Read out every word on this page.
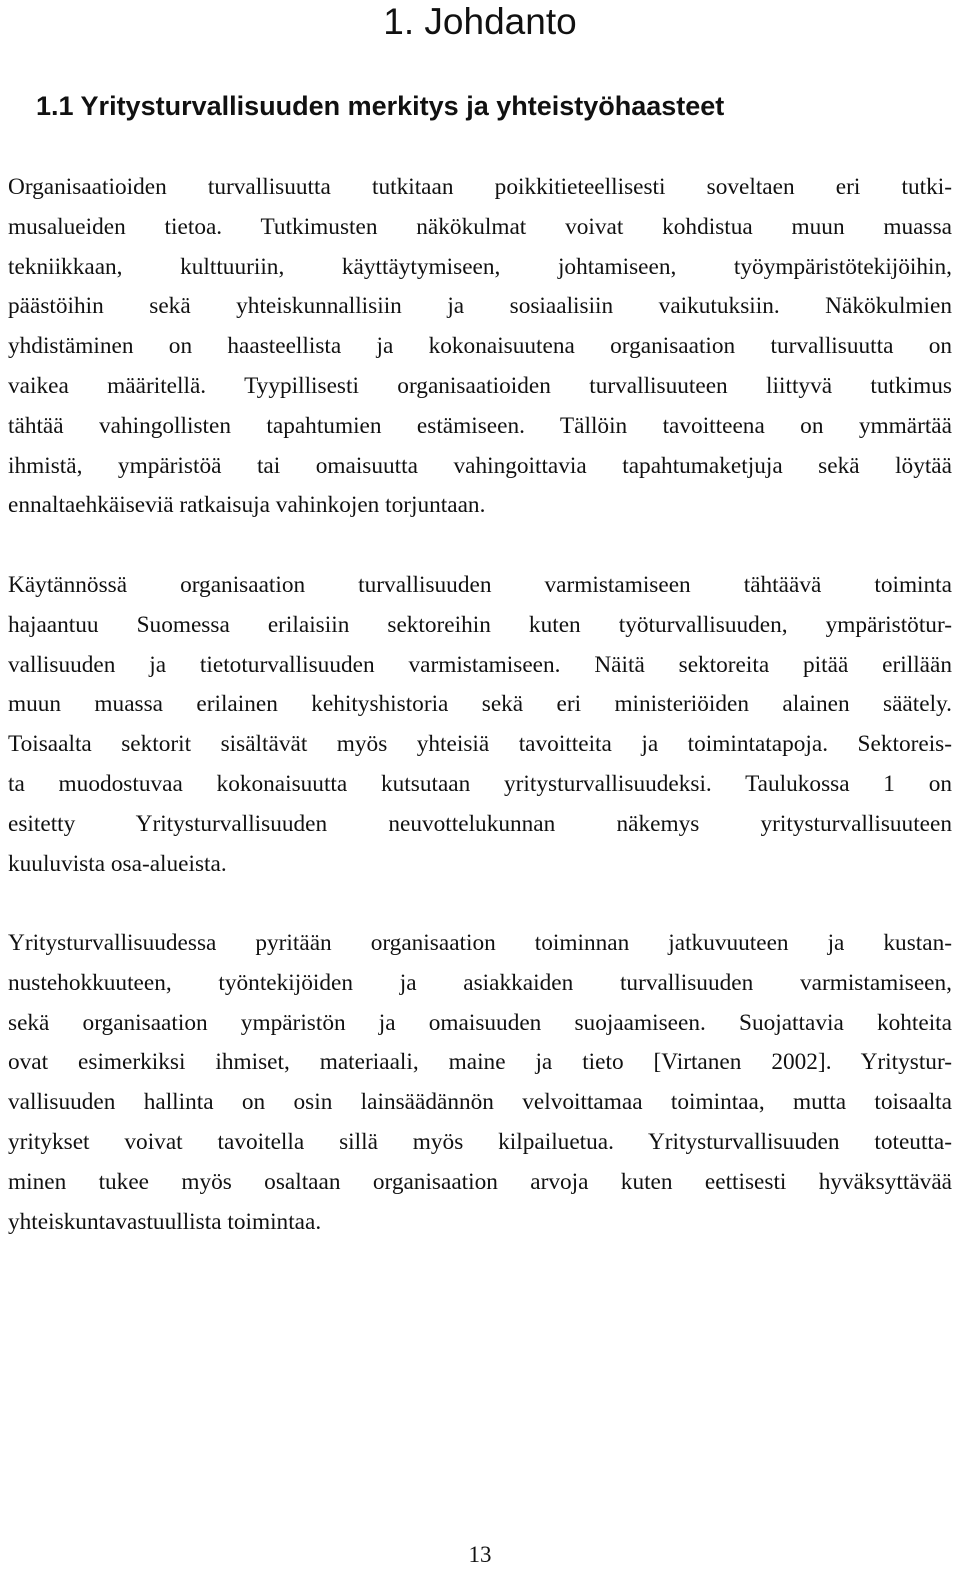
1. Johdanto
1.1 Yritysturvallisuuden merkitys ja yhteistyöhaasteet

Organisaatioiden turvallisuutta tutkitaan poikkitieteellisesti soveltaen eri tutki-
musalueiden tietoa. Tutkimusten näkökulmat voivat kohdistua muun muassa
tekniikkaan, kulttuuriin, käyttäytymiseen, johtamiseen, työympäristötekijöihin,
päästöihin sekä yhteiskunnallisiin ja sosiaalisiin vaikutuksiin. Näkökulmien
yhdistäminen on haasteellista ja kokonaisuutena organisaation turvallisuutta on
vaikea määritellä. Tyypillisesti organisaatioiden turvallisuuteen liittyvä tutkimus
tähtää vahingollisten tapahtumien estämiseen. Tällöin tavoitteena on ymmärtää
ihmistä, ympäristöä tai omaisuutta vahingoittavia tapahtumaketjuja sekä löytää
ennaltaehkäiseviä ratkaisuja vahinkojen torjuntaan.

Käytännössä organisaation turvallisuuden varmistamiseen tähtäävä toiminta
hajaantuu Suomessa erilaisiin sektoreihin kuten työturvallisuuden, ympäristötur-
vallisuuden ja tietoturvallisuuden varmistamiseen. Näitä sektoreita pitää erillään
muun muassa erilainen kehityshistoria sekä eri ministeriöiden alainen säätely.
Toisaalta sektorit sisältävät myös yhteisiä tavoitteita ja toimintatapoja. Sektoreis-
ta muodostuvaa kokonaisuutta kutsutaan yritysturvallisuudeksi. Taulukossa 1 on
esitetty Yritysturvallisuuden neuvottelukunnan näkemys yritysturvallisuuteen
kuuluvista osa-alueista.

Yritysturvallisuudessa pyritään organisaation toiminnan jatkuvuuteen ja kustan-
nustehokkuuteen, työntekijöiden ja asiakkaiden turvallisuuden varmistamiseen,
sekä organisaation ympäristön ja omaisuuden suojaamiseen. Suojattavia kohteita
ovat esimerkiksi ihmiset, materiaali, maine ja tieto [Virtanen 2002]. Yritystur-
vallisuuden hallinta on osin lainsäädännön velvoittamaa toimintaa, mutta toisaalta
yritykset voivat tavoitella sillä myös kilpailuetua. Yritysturvallisuuden toteutta-
minen tukee myös osaltaan organisaation arvoja kuten eettisesti hyväksyttävää
yhteiskuntavastuullista toimintaa.

13
